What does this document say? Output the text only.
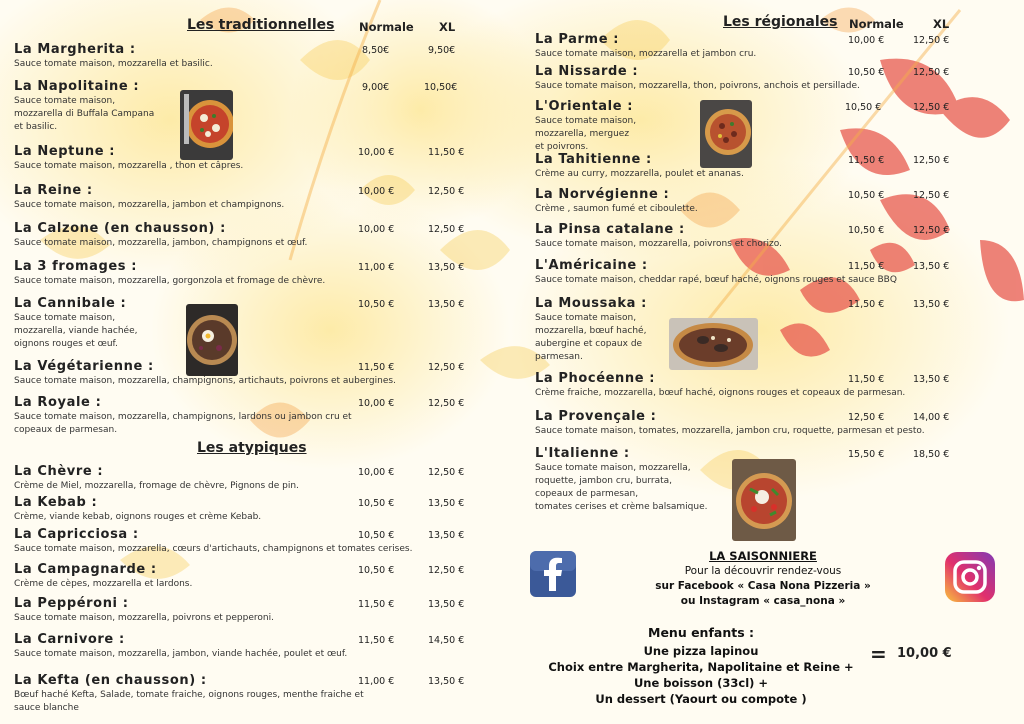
Les traditionnelles Normale XL
La Margherita :
Sauce tomate maison, mozzarella et basilic.
8,50€	9,50€
La Napolitaine :
Sauce tomate maison,
mozzarella di Buffala Campana
et basilic.
9,00€	10,50€
La Neptune :
Sauce tomate maison, mozzarella , thon et câpres.
10,00 €	11,50 €
La Reine :
Sauce tomate maison, mozzarella, jambon et champignons.
10,00 €	12,50 €
La Calzone (en chausson) :
Sauce tomate maison, mozzarella, jambon, champignons et œuf.
10,00 €	12,50 €
La 3 fromages :
Sauce tomate maison, mozzarella, gorgonzola et fromage de chèvre.
11,00 €	13,50 €
La Cannibale :
Sauce tomate maison,
mozzarella, viande hachée,
oignons rouges et œuf.
10,50 €	13,50 €
La Végétarienne :
Sauce tomate maison, mozzarella, champignons, artichauts, poivrons et aubergines.
11,50 €	12,50 €
La Royale :
Sauce tomate maison, mozzarella, champignons, lardons ou jambon cru et
copeaux de parmesan.
10,00 €	12,50 €
Les atypiques
La Chèvre :
Crème de Miel, mozzarella, fromage de chèvre, Pignons de pin.
10,00 €	12,50 €
La Kebab :
Crème, viande kebab, oignons rouges et crème Kebab.
10,50 €	13,50 €
La Capricciosa :
Sauce tomate maison, mozzarella, cœurs d'artichauts, champignons et tomates cerises.
10,50 €	13,50 €
La Campagnarde :
Crème de cèpes, mozzarella et lardons.
10,50 €	12,50 €
La Peppéroni :
Sauce tomate maison, mozzarella, poivrons et pepperoni.
11,50 €	13,50 €
La Carnivore :
Sauce tomate maison, mozzarella, jambon, viande hachée, poulet et œuf.
11,50 €	14,50 €
La Kefta (en chausson) :
Bœuf haché Kefta, Salade, tomate fraiche, oignons rouges, menthe fraiche et
sauce blanche
11,00 €	13,50 €
Les régionales Normale	XL
La Parme :
Sauce tomate maison, mozzarella et jambon cru.
10,00 €	12,50 €
La Nissarde :
Sauce tomate maison, mozzarella, thon, poivrons, anchois et persillade.
10,50 €	12,50 €
L'Orientale :
Sauce tomate maison,
mozzarella, merguez
et poivrons.
10,50 €	12,50 €
La Tahitienne :
Crème au curry, mozzarella, poulet et ananas.
11,50 €	12,50 €
La Norvégienne :
Crème , saumon fumé et ciboulette.
10,50 €	12,50 €
La Pinsa catalane :
Sauce tomate maison, mozzarella, poivrons et chorizo.
10,50 €	12,50 €
L'Américaine :
Sauce tomate maison, cheddar rapé, bœuf haché, oignons rouges et sauce BBQ
11,50 €	13,50 €
La Moussaka :
Sauce tomate maison,
mozzarella, bœuf haché,
aubergine et copaux de
parmesan.
11,50 €	13,50 €
La Phocéenne :
Crème fraiche, mozzarella, bœuf haché, oignons rouges et copeaux de parmesan.
11,50 €	13,50 €
La Provençale :
Sauce tomate maison, tomates, mozzarella, jambon cru, roquette, parmesan et pesto.
12,50 €	14,00 €
L'Italienne :
Sauce tomate maison, mozzarella,
roquette, jambon cru, burrata,
copeaux de parmesan,
tomates cerises et crème balsamique.
15,50 €	18,50 €
LA SAISONNIERE
Pour la découvrir rendez-vous
sur Facebook « Casa Nona Pizzeria »
ou Instagram « casa_nona »
Menu enfants :
Une pizza lapinou
Choix entre Margherita, Napolitaine et Reine +
Une boisson (33cl) +
Un dessert (Yaourt ou compote )
= 10,00 €
